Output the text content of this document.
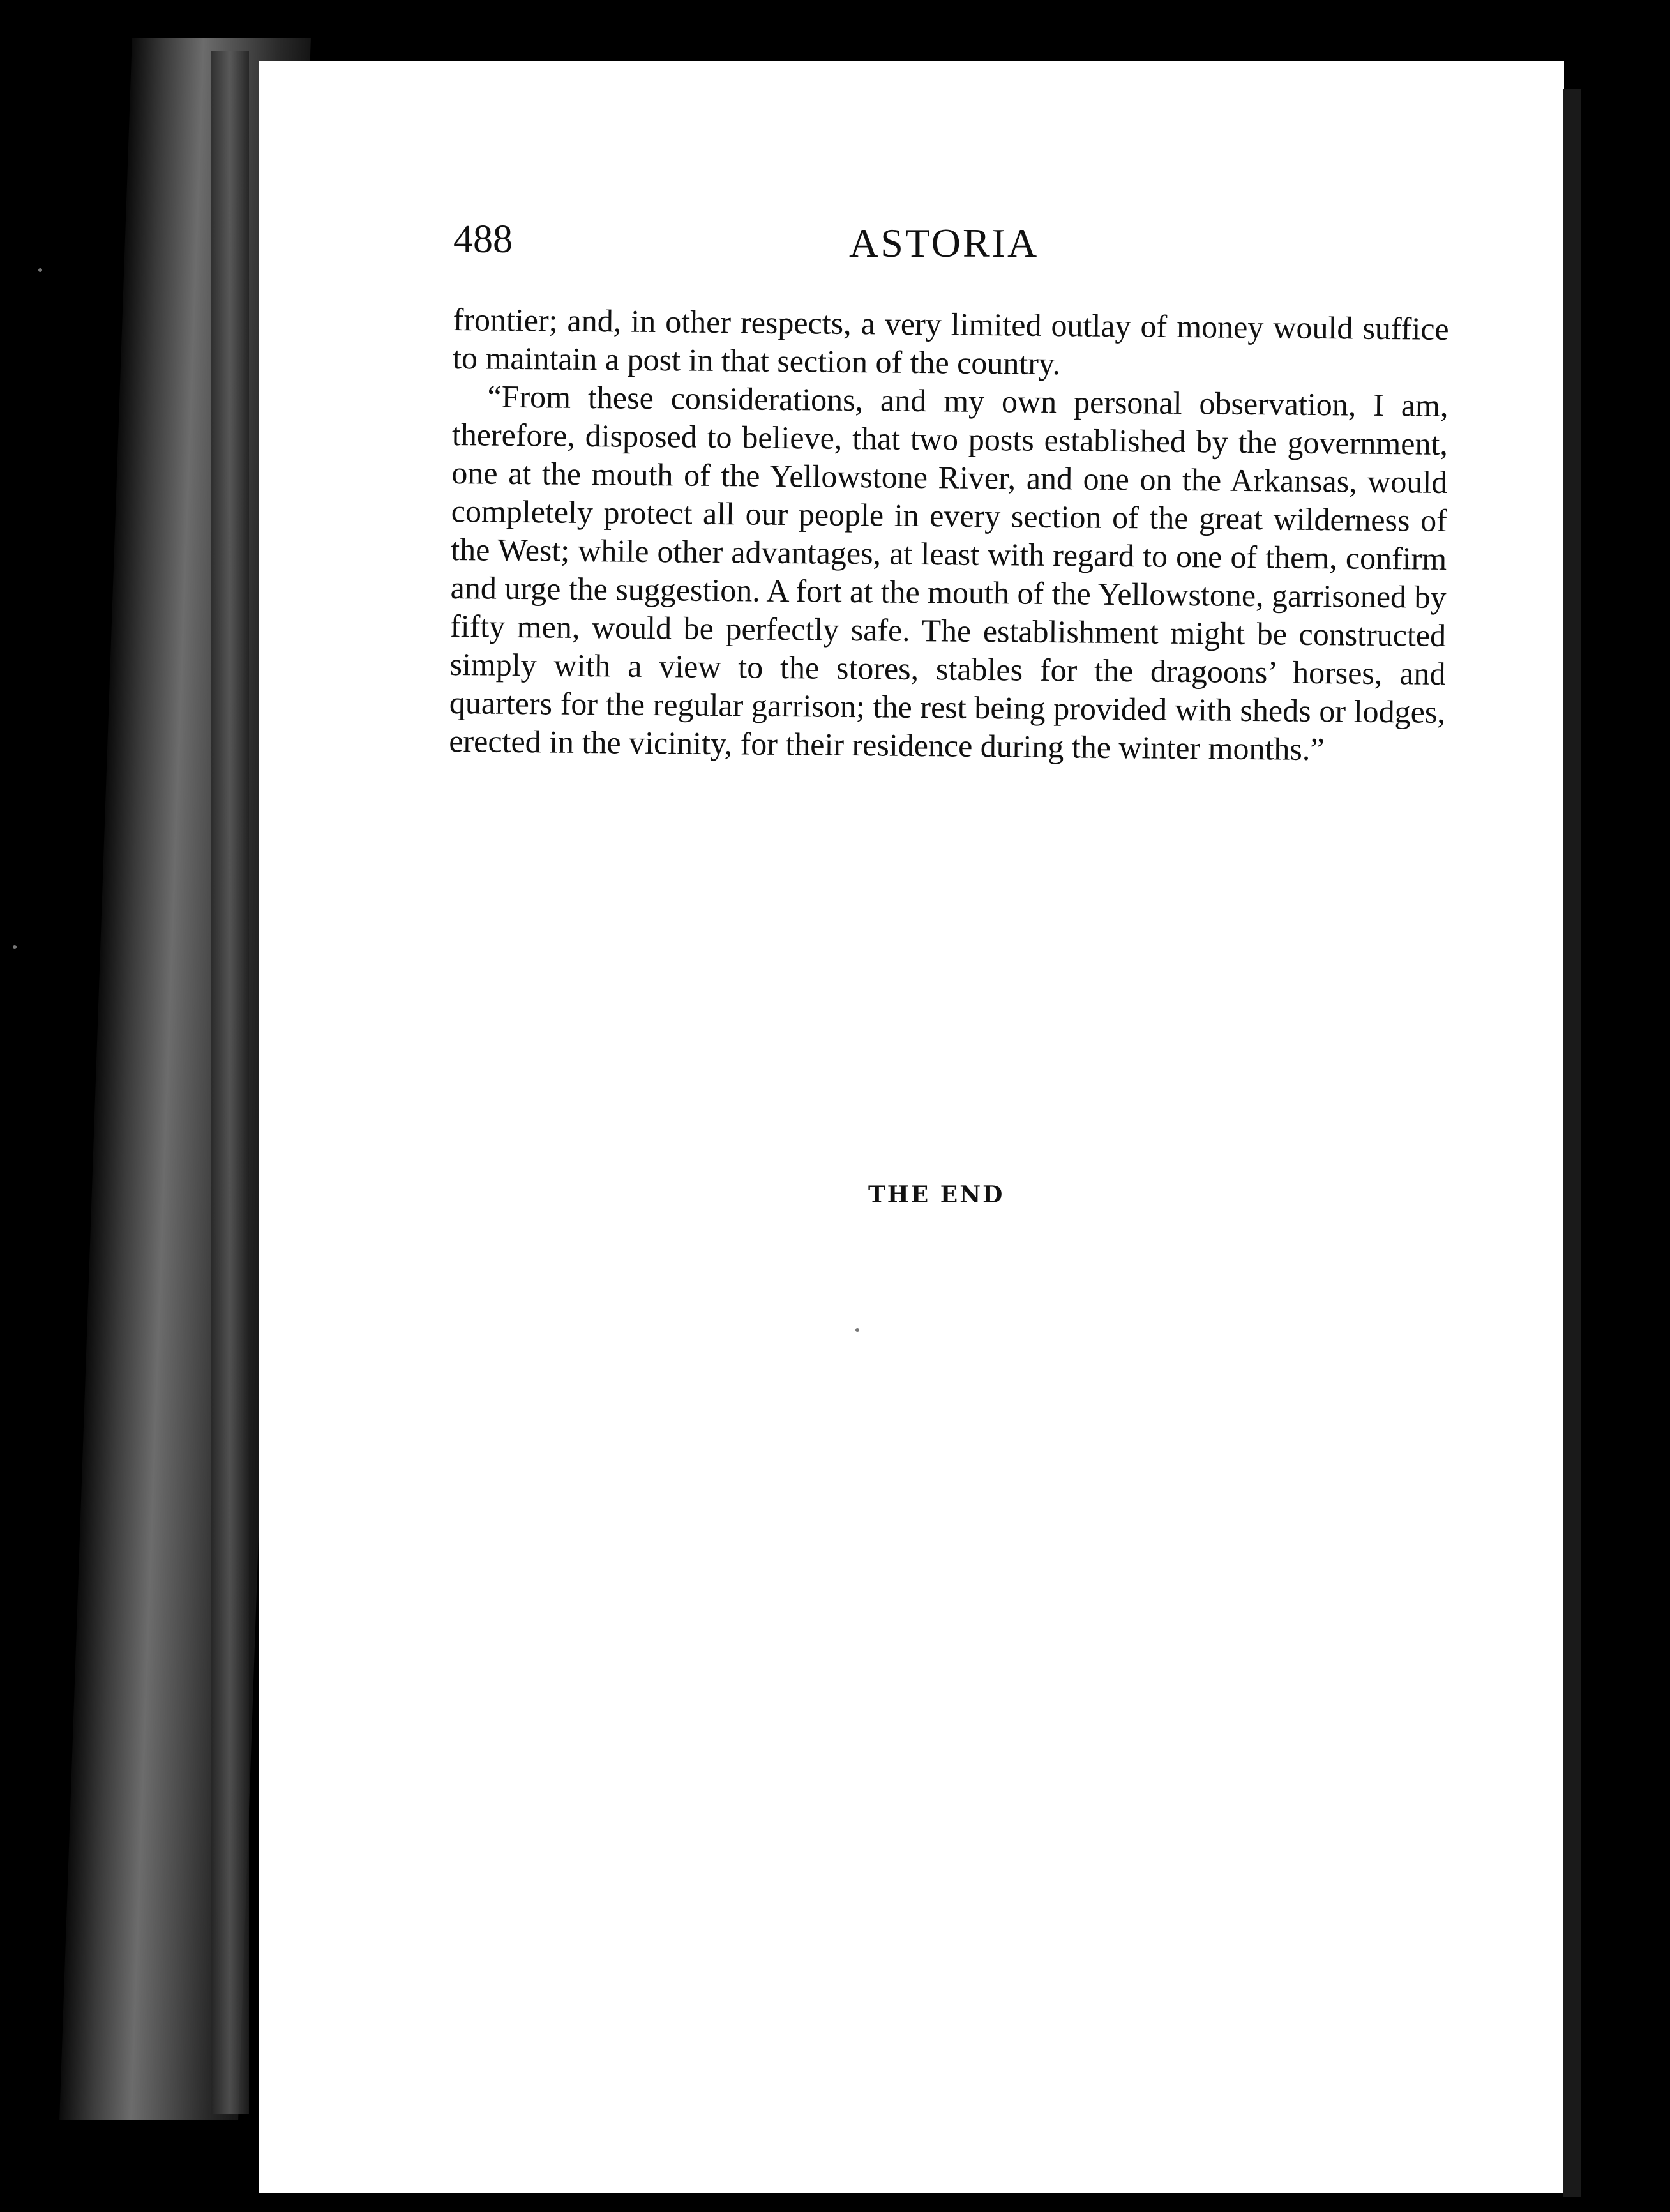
488	ASTORIA

frontier; and, in other respects, a very limited outlay of money would suffice to maintain a post in that section of the country.

“From these considerations, and my own personal observation, I am, therefore, disposed to believe, that two posts established by the government, one at the mouth of the Yellowstone River, and one on the Arkansas, would completely protect all our people in every section of the great wilderness of the West; while other advantages, at least with regard to one of them, confirm and urge the suggestion. A fort at the mouth of the Yellowstone, garrisoned by fifty men, would be perfectly safe. The establishment might be constructed simply with a view to the stores, stables for the dragoons’ horses, and quarters for the regular garrison; the rest being provided with sheds or lodges, erected in the vicinity, for their residence during the winter months.”

THE END
